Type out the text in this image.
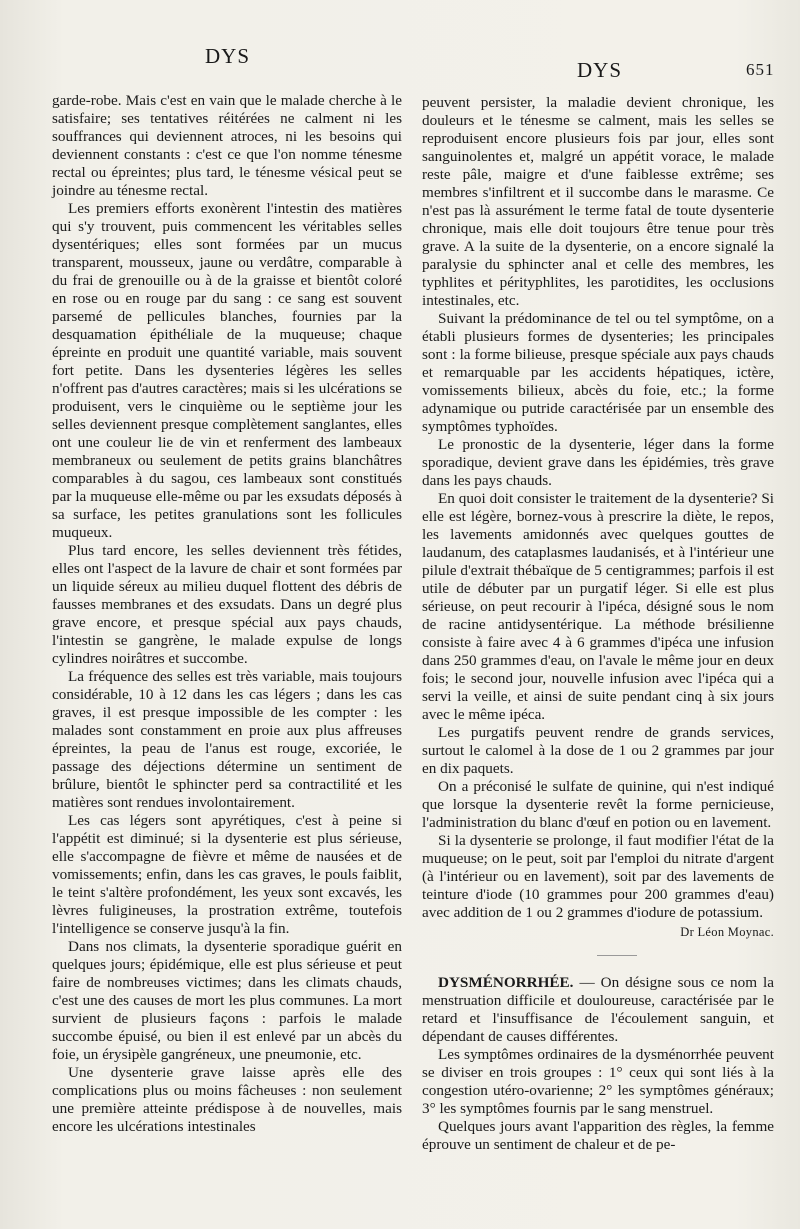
DYS
DYS	651

garde-robe. Mais c'est en vain que le malade cherche à le satisfaire; ses tentatives réitérées ne calment ni les souffrances qui deviennent atroces, ni les besoins qui deviennent constants : c'est ce que l'on nomme ténesme rectal ou épreintes; plus tard, le ténesme vésical peut se joindre au ténesme rectal.

Les premiers efforts exonèrent l'intestin des matières qui s'y trouvent, puis commencent les véritables selles dysentériques; elles sont formées par un mucus transparent, mousseux, jaune ou verdâtre, comparable à du frai de grenouille ou à de la graisse et bientôt coloré en rose ou en rouge par du sang : ce sang est souvent parsemé de pellicules blanches, fournies par la desquamation épithéliale de la muqueuse; chaque épreinte en produit une quantité variable, mais souvent fort petite. Dans les dysenteries légères les selles n'offrent pas d'autres caractères; mais si les ulcérations se produisent, vers le cinquième ou le septième jour les selles deviennent presque complètement sanglantes, elles ont une couleur lie de vin et renferment des lambeaux membraneux ou seulement de petits grains blanchâtres comparables à du sagou, ces lambeaux sont constitués par la muqueuse elle-même ou par les exsudats déposés à sa surface, les petites granulations sont les follicules muqueux.

Plus tard encore, les selles deviennent très fétides, elles ont l'aspect de la lavure de chair et sont formées par un liquide séreux au milieu duquel flottent des débris de fausses membranes et des exsudats. Dans un degré plus grave encore, et presque spécial aux pays chauds, l'intestin se gangrène, le malade expulse de longs cylindres noirâtres et succombe.

La fréquence des selles est très variable, mais toujours considérable, 10 à 12 dans les cas légers ; dans les cas graves, il est presque impossible de les compter : les malades sont constamment en proie aux plus affreuses épreintes, la peau de l'anus est rouge, excoriée, le passage des déjections détermine un sentiment de brûlure, bientôt le sphincter perd sa contractilité et les matières sont rendues involontairement.

Les cas légers sont apyrétiques, c'est à peine si l'appétit est diminué; si la dysenterie est plus sérieuse, elle s'accompagne de fièvre et même de nausées et de vomissements; enfin, dans les cas graves, le pouls faiblit, le teint s'altère profondément, les yeux sont excavés, les lèvres fuligineuses, la prostration extrême, toutefois l'intelligence se conserve jusqu'à la fin.

Dans nos climats, la dysenterie sporadique guérit en quelques jours; épidémique, elle est plus sérieuse et peut faire de nombreuses victimes; dans les climats chauds, c'est une des causes de mort les plus communes. La mort survient de plusieurs façons : parfois le malade succombe épuisé, ou bien il est enlevé par un abcès du foie, un érysipèle gangréneux, une pneumonie, etc.

Une dysenterie grave laisse après elle des complications plus ou moins fâcheuses : non seulement une première atteinte prédispose à de nouvelles, mais encore les ulcérations intestinales

peuvent persister, la maladie devient chronique, les douleurs et le ténesme se calment, mais les selles se reproduisent encore plusieurs fois par jour, elles sont sanguinolentes et, malgré un appétit vorace, le malade reste pâle, maigre et d'une faiblesse extrême; ses membres s'infiltrent et il succombe dans le marasme. Ce n'est pas là assurément le terme fatal de toute dysenterie chronique, mais elle doit toujours être tenue pour très grave. A la suite de la dysenterie, on a encore signalé la paralysie du sphincter anal et celle des membres, les typhlites et pérityphlites, les parotidites, les occlusions intestinales, etc.

Suivant la prédominance de tel ou tel symptôme, on a établi plusieurs formes de dysenteries; les principales sont : la forme bilieuse, presque spéciale aux pays chauds et remarquable par les accidents hépatiques, ictère, vomissements bilieux, abcès du foie, etc.; la forme adynamique ou putride caractérisée par un ensemble des symptômes typhoïdes.

Le pronostic de la dysenterie, léger dans la forme sporadique, devient grave dans les épidémies, très grave dans les pays chauds.

En quoi doit consister le traitement de la dysenterie? Si elle est légère, bornez-vous à prescrire la diète, le repos, les lavements amidonnés avec quelques gouttes de laudanum, des cataplasmes laudanisés, et à l'intérieur une pilule d'extrait thébaïque de 5 centigrammes; parfois il est utile de débuter par un purgatif léger. Si elle est plus sérieuse, on peut recourir à l'ipéca, désigné sous le nom de racine antidysentérique. La méthode brésilienne consiste à faire avec 4 à 6 grammes d'ipéca une infusion dans 250 grammes d'eau, on l'avale le même jour en deux fois; le second jour, nouvelle infusion avec l'ipéca qui a servi la veille, et ainsi de suite pendant cinq à six jours avec le même ipéca.

Les purgatifs peuvent rendre de grands services, surtout le calomel à la dose de 1 ou 2 grammes par jour en dix paquets.

On a préconisé le sulfate de quinine, qui n'est indiqué que lorsque la dysenterie revêt la forme pernicieuse, l'administration du blanc d'œuf en potion ou en lavement.

Si la dysenterie se prolonge, il faut modifier l'état de la muqueuse; on le peut, soit par l'emploi du nitrate d'argent (à l'intérieur ou en lavement), soit par des lavements de teinture d'iode (10 grammes pour 200 grammes d'eau) avec addition de 1 ou 2 grammes d'iodure de potassium.

Dr Léon Moynac.

DYSMÉNORRHÉE. — On désigne sous ce nom la menstruation difficile et douloureuse, caractérisée par le retard et l'insuffisance de l'écoulement sanguin, et dépendant de causes différentes.

Les symptômes ordinaires de la dysménorrhée peuvent se diviser en trois groupes : 1° ceux qui sont liés à la congestion utéro-ovarienne; 2° les symptômes généraux; 3° les symptômes fournis par le sang menstruel.

Quelques jours avant l'apparition des règles, la femme éprouve un sentiment de chaleur et de pe-
